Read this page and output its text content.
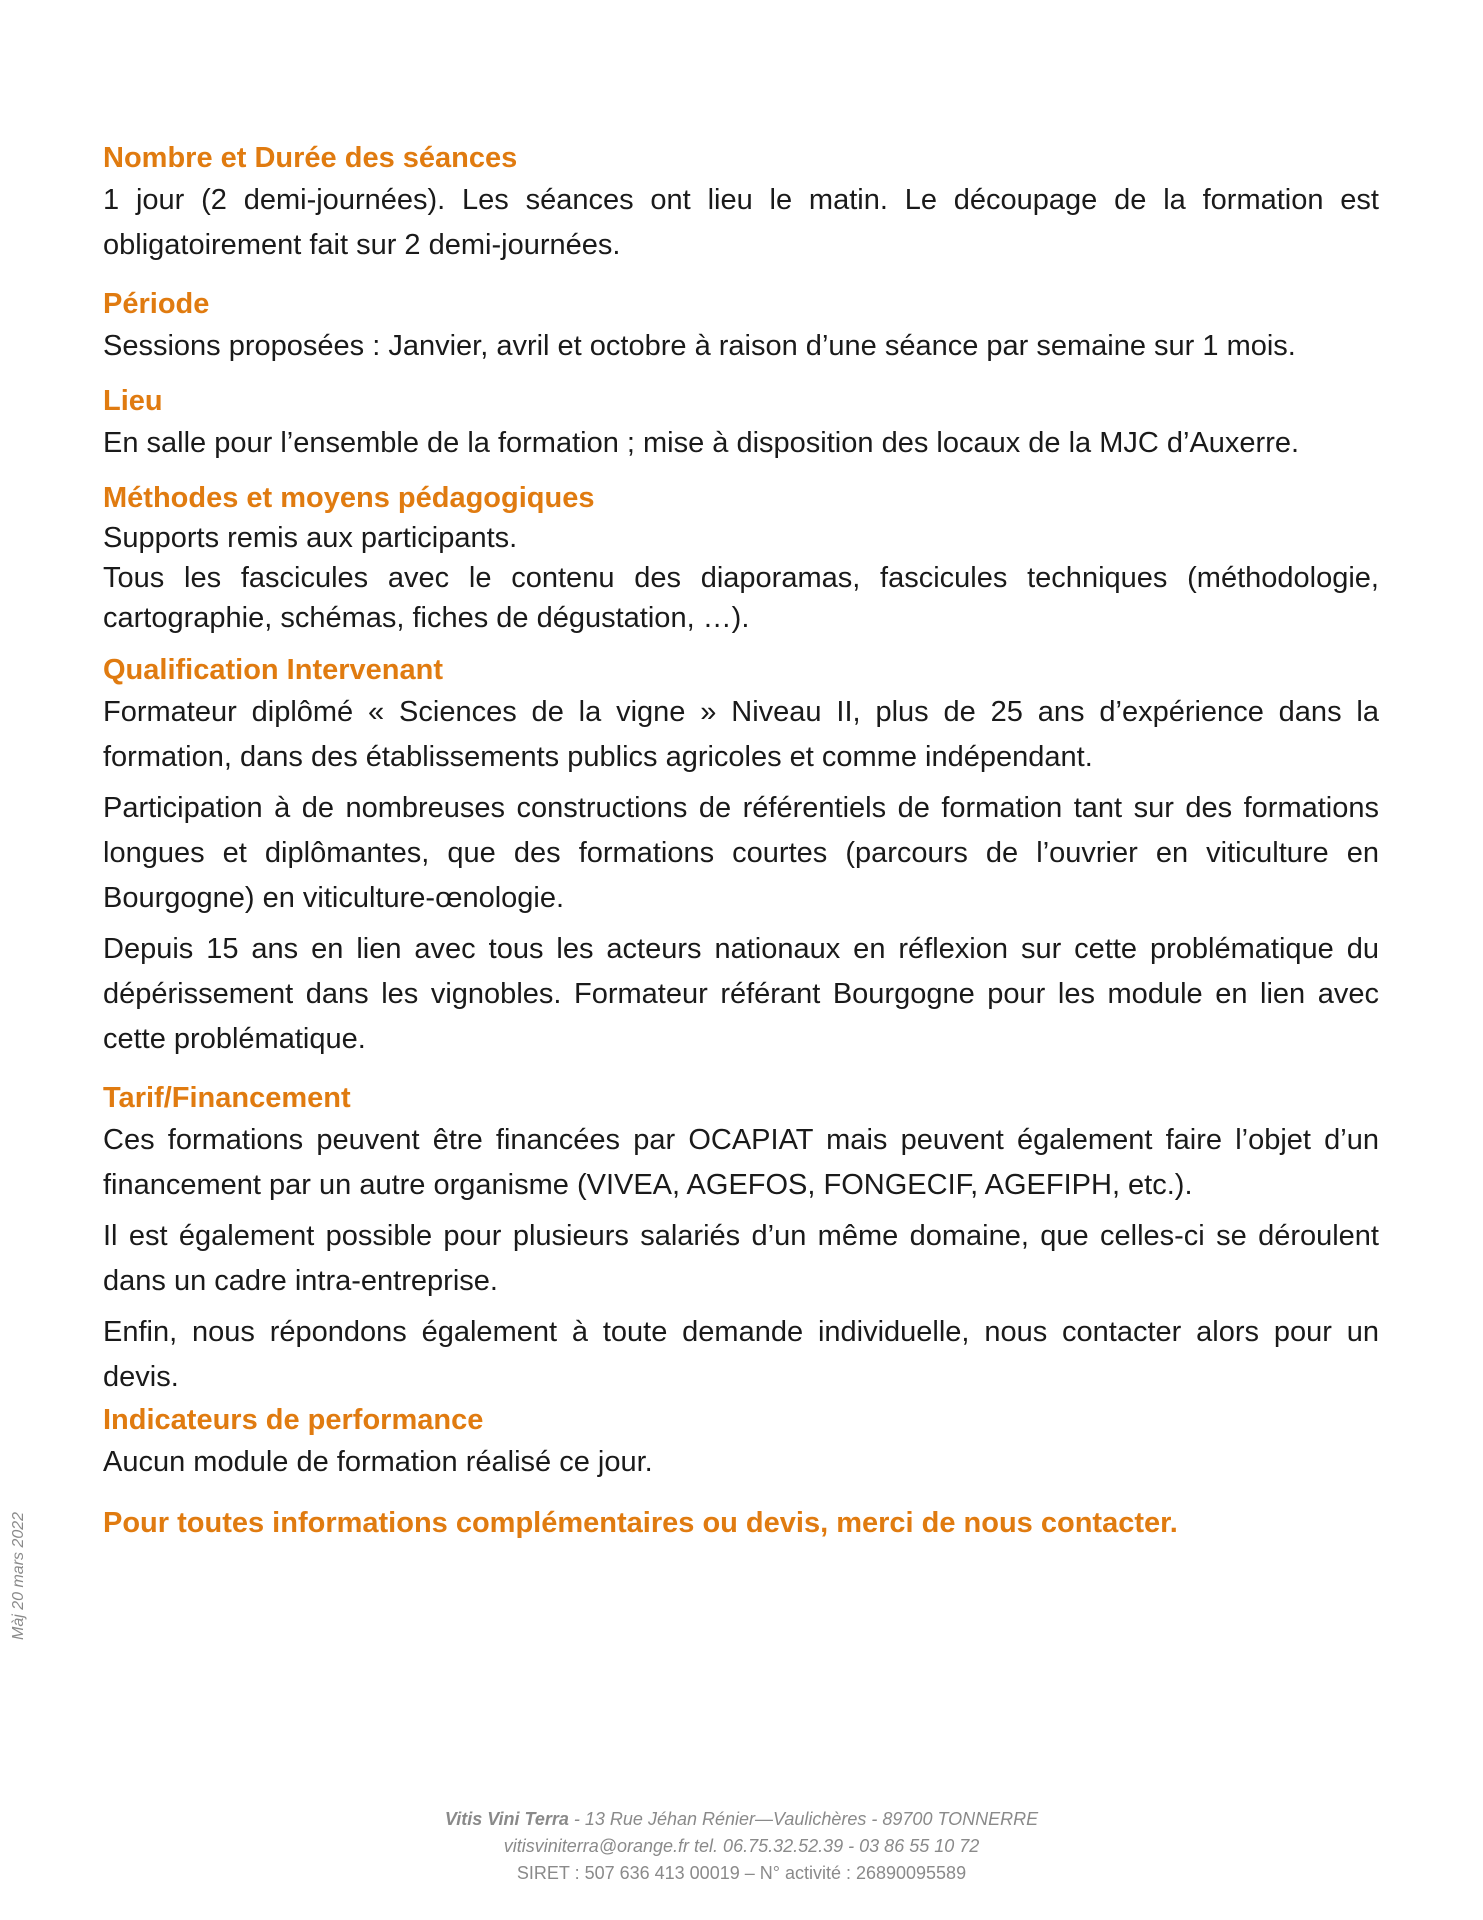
Nombre et Durée des séances

1 jour (2 demi-journées). Les séances ont lieu le matin. Le découpage de la formation est obligatoirement fait sur 2 demi-journées.

Période

Sessions proposées : Janvier, avril et octobre à raison d’une séance par semaine sur 1 mois.

Lieu

En salle pour l’ensemble de la formation ; mise à disposition des locaux de la MJC d’Auxerre.

Méthodes et moyens pédagogiques

Supports remis aux participants.

Tous les fascicules avec le contenu des diaporamas, fascicules techniques (méthodologie, cartographie, schémas, fiches de dégustation, …).

Qualification Intervenant

Formateur diplômé « Sciences de la vigne » Niveau II, plus de 25 ans d’expérience dans la formation, dans des établissements publics agricoles et comme indépendant.

Participation à de nombreuses constructions de référentiels de formation tant sur des formations longues et diplômantes, que des formations courtes (parcours de l’ouvrier en viticulture en Bourgogne) en viticulture-œnologie.

Depuis 15 ans en lien avec tous les acteurs nationaux en réflexion sur cette problématique du dépérissement dans les vignobles. Formateur référant Bourgogne pour les module en lien avec cette problématique.

Tarif/Financement

Ces formations peuvent être financées par OCAPIAT mais peuvent également faire l’objet d’un financement par un autre organisme (VIVEA, AGEFOS, FONGECIF, AGEFIPH, etc.).

Il est également possible pour plusieurs salariés d’un même domaine, que celles-ci se déroulent dans un cadre intra-entreprise.

Enfin, nous répondons également à toute demande individuelle, nous contacter alors pour un devis.

Indicateurs de performance

Aucun module de formation réalisé ce jour.

Pour toutes informations complémentaires ou devis, merci de nous contacter.

Màj 20 mars 2022
Vitis Vini Terra - 13 Rue Jéhan Rénier—Vaulichères - 89700 TONNERRE
vitisviniterra@orange.fr tel. 06.75.32.52.39 - 03 86 55 10 72
SIRET : 507 636 413 00019 – N° activité : 26890095589
